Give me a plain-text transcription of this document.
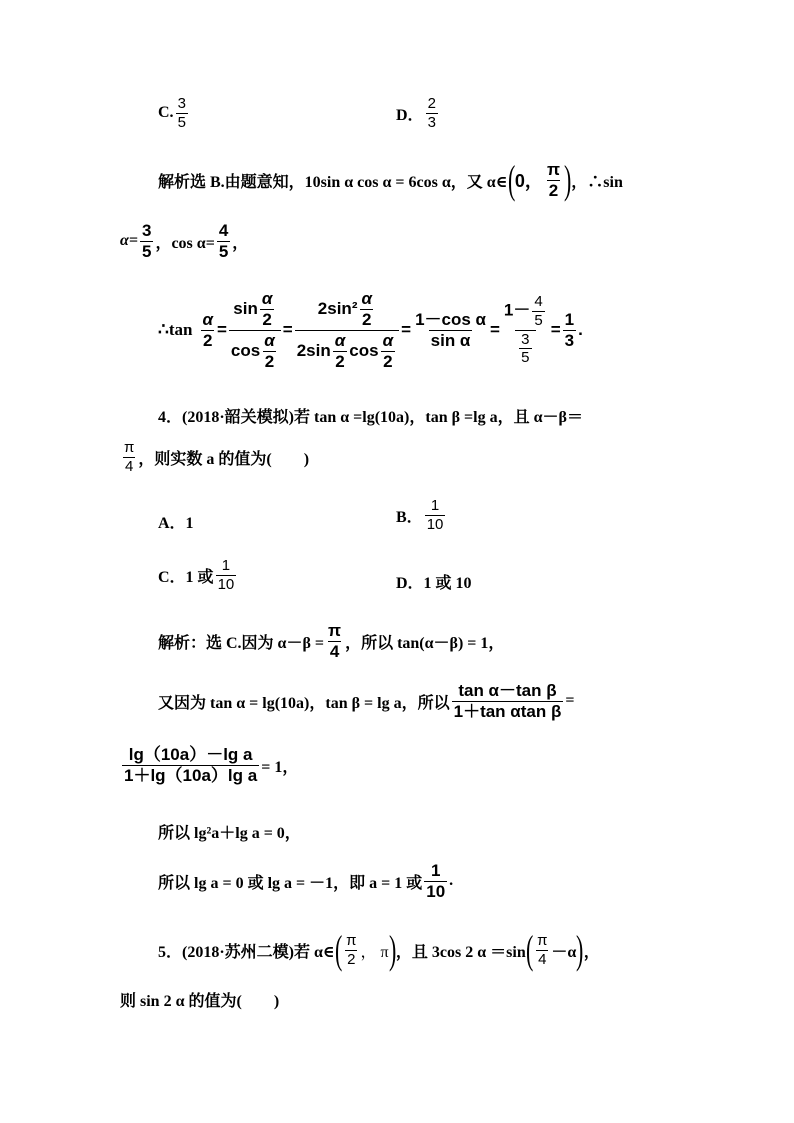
C. $\frac{3}{5}$	D． $\frac{2}{3}$
解析选 B.由题意知，10sin α cos α = 6cos α，又 α∈ ( 0， $\frac{\pi}{2}$ ) ，∴sin
$\alpha= \frac{3}{5}$ ，$\cos \alpha= \frac{4}{5}$ ，
∴tan $\frac{\alpha}{2} = \frac{\sin \frac{\alpha}{2}}{\cos \frac{\alpha}{2}} = \frac{2\sin^2 \frac{\alpha}{2}}{2\sin \frac{\alpha}{2} \cos \frac{\alpha}{2}} = \frac{\text{1－cos α}}{\text{sin α}} = \frac{1- \frac{4}{5}}{\frac{3}{5}} = \frac{1}{3}$ .
4．(2018·韶关模拟)若 tan α =lg(10a)，tan β =lg a，且 α－β＝
$\frac{\pi}{4}$ ，则实数 a 的值为(　　)
A．1	B． $\frac{1}{10}$
C．1 或 $\frac{1}{10}$	D．1 或 10
解析：选 C.因为 $\alpha-\beta = \frac{\pi}{4}$ ，所以 tan(α－β) = 1，
又因为 tan α = lg(10a)，tan β = lg a，所以 $\frac{\text{tan α－tan β}}{\text{1＋tan αtan β}}$ =
$\frac{\text{lg（10a）－lg a}}{\text{1＋lg（10a）lg a}} = 1$，
所以 lg²a＋lg a = 0，
所以 lg a = 0 或 lg a = －1，即 a = 1 或 $\frac{1}{10}$ .
5．(2018·苏州二模)若 α∈ ( $\frac{\pi}{2}$ ， π ) ，且 3cos 2 α ＝sin ( $\frac{\pi}{4} -\alpha$ ) ，
则 sin 2 α 的值为(　　)
